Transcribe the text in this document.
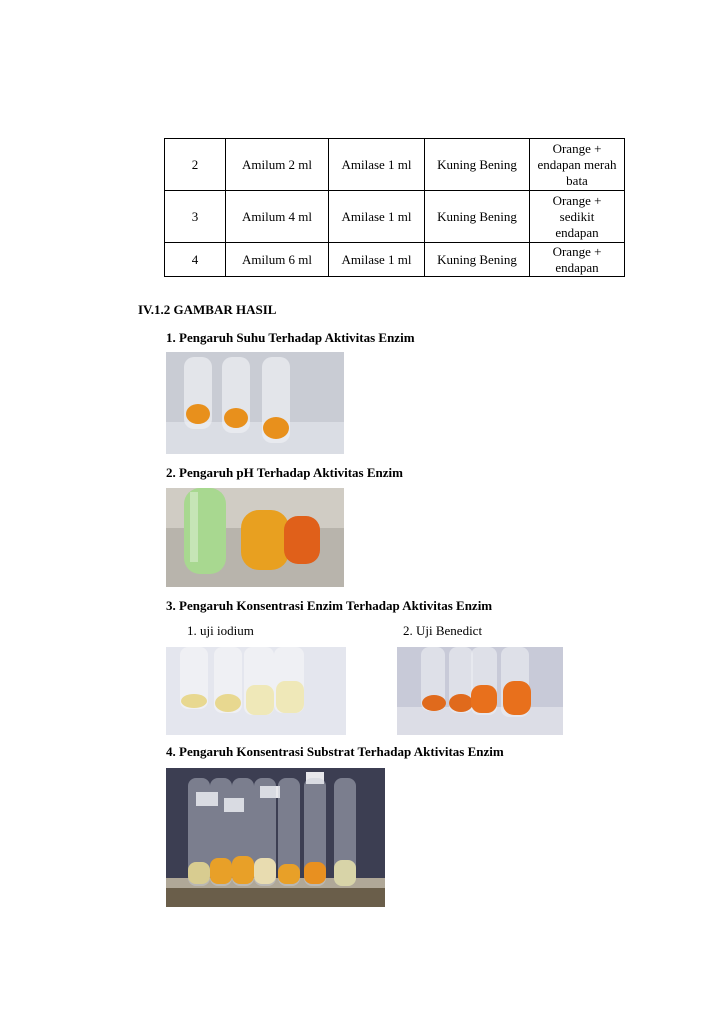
2	Amilum 2 ml	Amilase 1 ml	Kuning Bening	Orange +
endapan merah
bata

3	Amilum 4 ml	Amilase 1 ml	Kuning Bening	Orange +
sedikit
endapan

4	Amilum 6 ml	Amilase 1 ml	Kuning Bening	Orange +
endapan
IV.1.2 GAMBAR HASIL
1. Pengaruh Suhu Terhadap Aktivitas Enzim
2. Pengaruh pH Terhadap Aktivitas Enzim
3. Pengaruh Konsentrasi Enzim Terhadap Aktivitas Enzim
1. uji iodium	2. Uji Benedict
4. Pengaruh Konsentrasi Substrat Terhadap Aktivitas Enzim
